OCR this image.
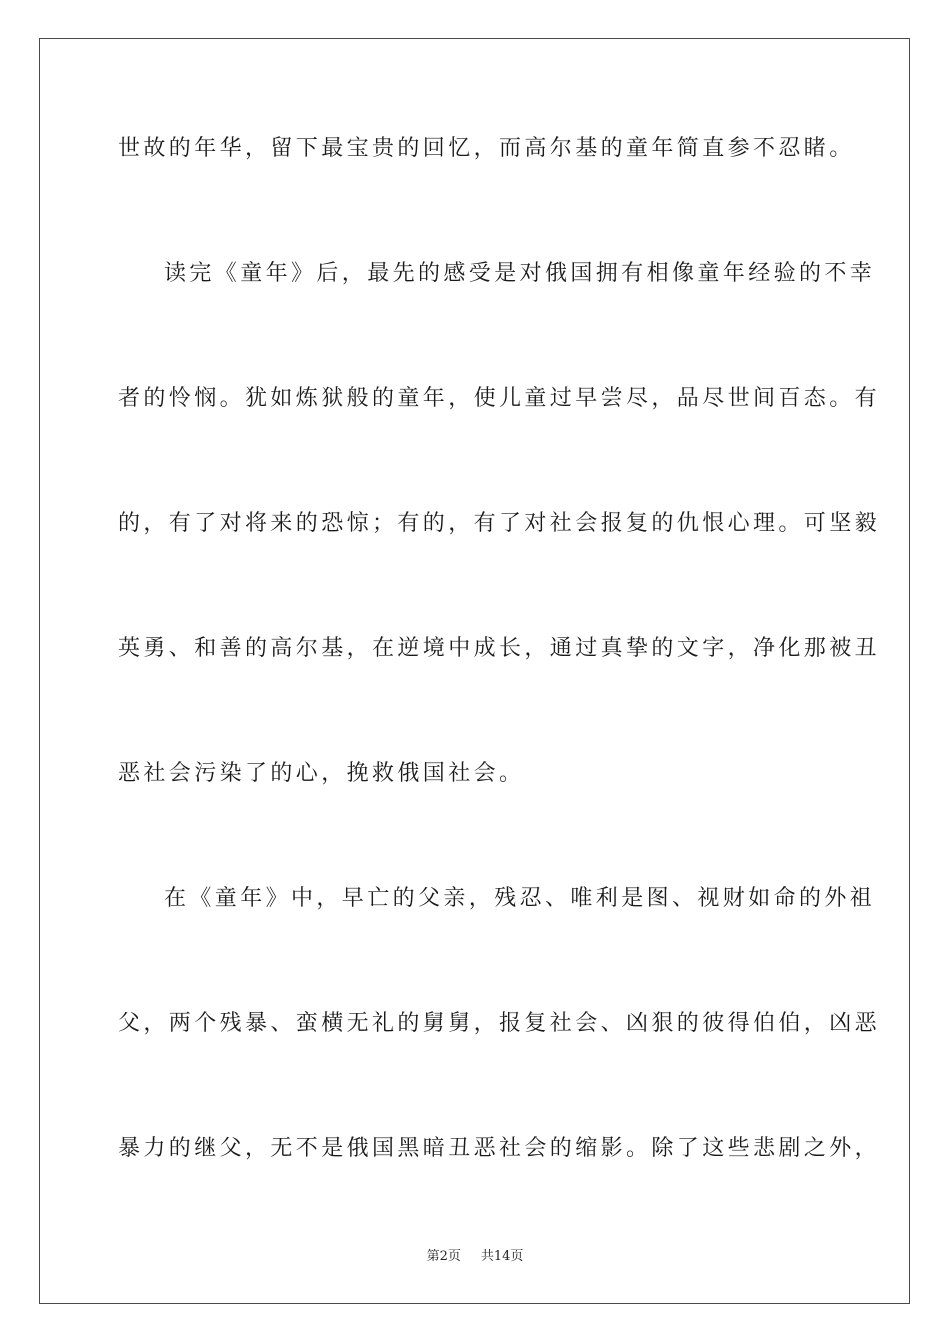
世故的年华，留下最宝贵的回忆，而高尔基的童年简直参不忍睹。
读完《童年》后，最先的感受是对俄国拥有相像童年经验的不幸
者的怜悯。犹如炼狱般的童年，使儿童过早尝尽，品尽世间百态。有
的，有了对将来的恐惊；有的，有了对社会报复的仇恨心理。可坚毅
英勇、和善的高尔基，在逆境中成长，通过真挚的文字，净化那被丑
恶社会污染了的心，挽救俄国社会。
在《童年》中，早亡的父亲，残忍、唯利是图、视财如命的外祖
父，两个残暴、蛮横无礼的舅舅，报复社会、凶狠的彼得伯伯，凶恶
暴力的继父，无不是俄国黑暗丑恶社会的缩影。除了这些悲剧之外，
第2页 共14页
